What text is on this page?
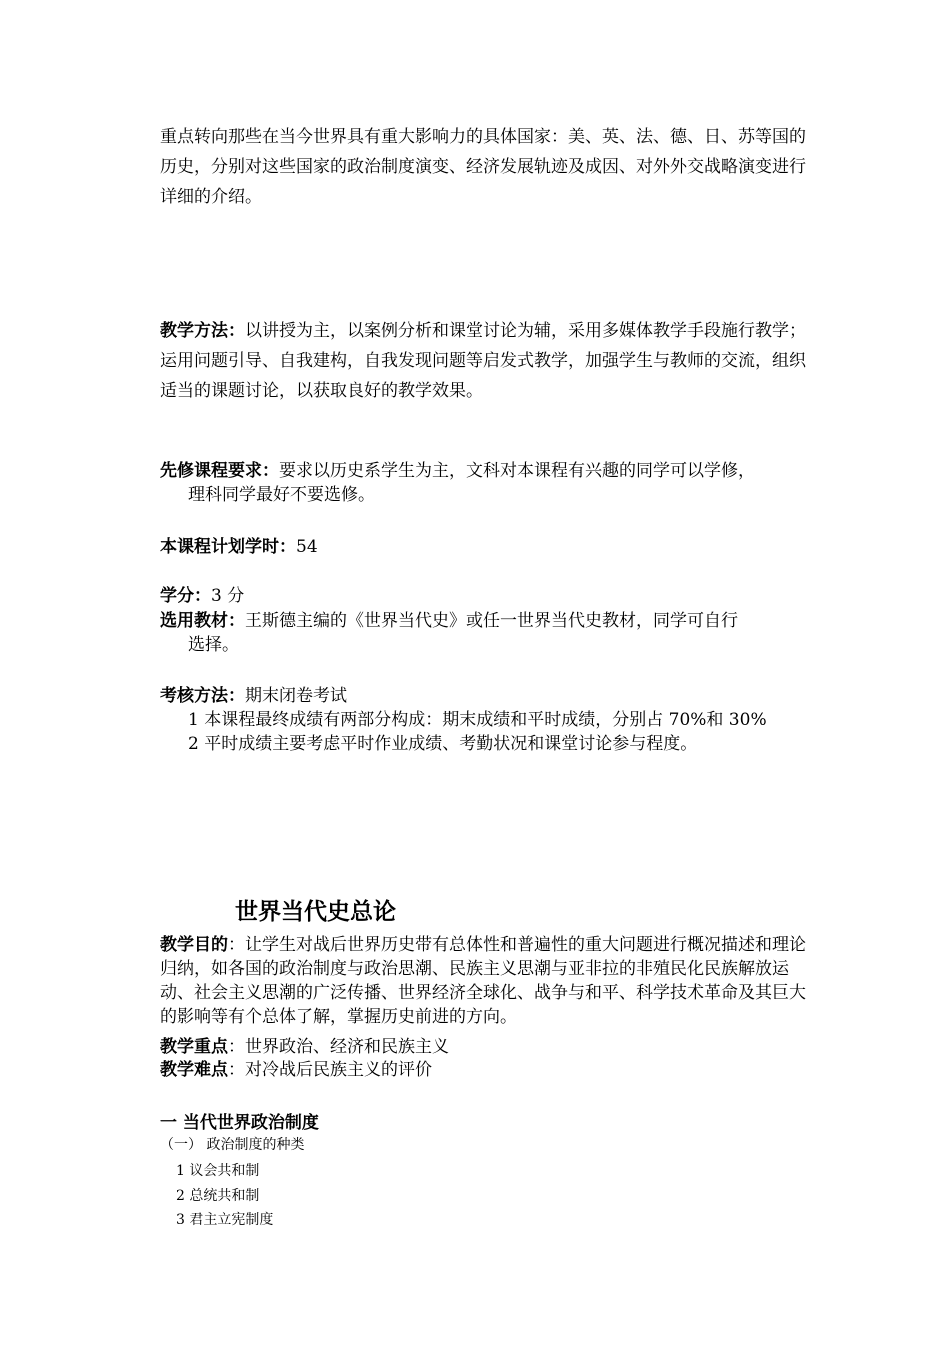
重点转向那些在当今世界具有重大影响力的具体国家：美、英、法、德、日、苏等国的历史，分别对这些国家的政治制度演变、经济发展轨迹及成因、对外外交战略演变进行详细的介绍。

教学方法：以讲授为主，以案例分析和课堂讨论为辅，采用多媒体教学手段施行教学；运用问题引导、自我建构，自我发现问题等启发式教学，加强学生与教师的交流，组织适当的课题讨论，以获取良好的教学效果。

先修课程要求：要求以历史系学生为主，文科对本课程有兴趣的同学可以学修，
理科同学最好不要选修。

本课程计划学时：54

学分：3 分

选用教材：王斯德主编的《世界当代史》或任一世界当代史教材，同学可自行
选择。

考核方法：期末闭卷考试
1 本课程最终成绩有两部分构成：期末成绩和平时成绩，分别占 70%和 30%
2 平时成绩主要考虑平时作业成绩、考勤状况和课堂讨论参与程度。

世界当代史总论

教学目的：让学生对战后世界历史带有总体性和普遍性的重大问题进行概况描述和理论归纳，如各国的政治制度与政治思潮、民族主义思潮与亚非拉的非殖民化民族解放运动、社会主义思潮的广泛传播、世界经济全球化、战争与和平、科学技术革命及其巨大的影响等有个总体了解，掌握历史前进的方向。

教学重点：世界政治、经济和民族主义

教学难点：对冷战后民族主义的评价

一 当代世界政治制度

（一） 政治制度的种类

1 议会共和制

2 总统共和制

3 君主立宪制度
